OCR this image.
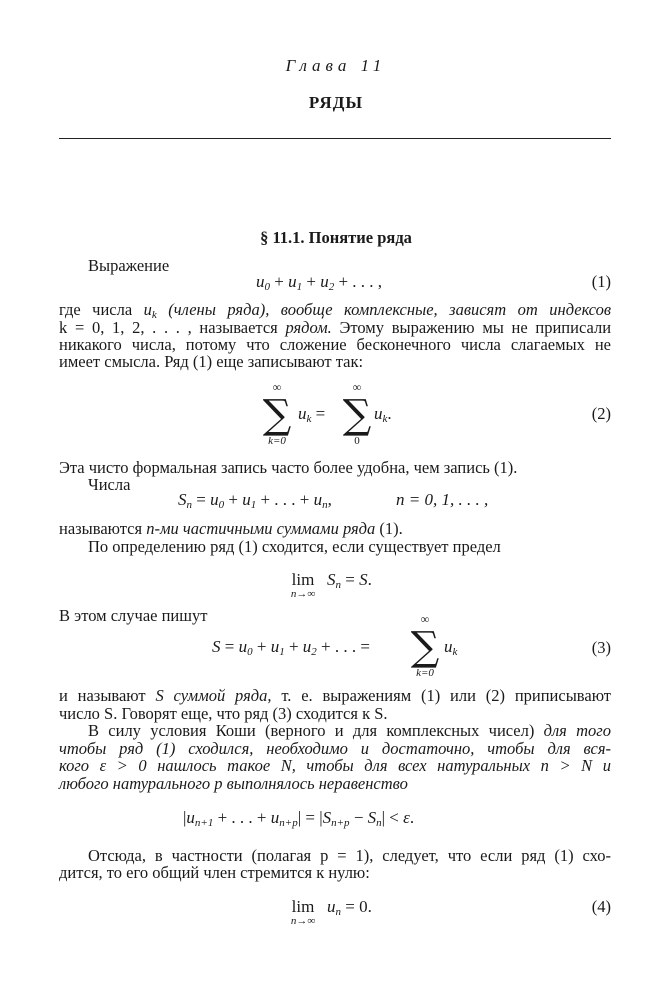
Глава 11
РЯДЫ
§ 11.1. Понятие ряда
Выражение
$u_0 + u_1 + u_2$ + . . . ,	(1)
где числа $u_k$ (члены ряда), вообще комплексные, зависят от индексов
k = 0, 1, 2, . . . , называется рядом. Этому выражению мы не приписали
никакого числа, потому что сложение бесконечного числа слагаемых не
имеет смысла. Ряд (1) еще записывают так:
∞
∑
k=0
$u_k$ =
∞
∑
0
$u_k$.	(2)
Эта чисто формальная запись часто более удобна, чем запись (1).
Числа
$S_n = u_0 + u_1$ + . . . + $u_n$,	n = 0, 1, . . . ,
называются n-ми частичными суммами ряда (1).
По определению ряд (1) сходится, если существует предел
lim
n→∞
$S_n = S$.
В этом случае пишут
$S = u_0 + u_1 + u_2$ + . . . =
∞
∑
k=0
$u_k$	(3)
и называют S суммой ряда, т. е. выражениям (1) или (2) приписывают
число S. Говорят еще, что ряд (3) сходится к S.
В силу условия Коши (верного и для комплексных чисел) для того
чтобы ряд (1) сходился, необходимо и достаточно, чтобы для вся-
кого ε > 0 нашлось такое N, чтобы для всех натуральных n > N и
любого натурального p выполнялось неравенство
$|u_{n+1}$ + . . . + $u_{n+p}| = |S_{n+p} - S_n| < \varepsilon$.
Отсюда, в частности (полагая p = 1), следует, что если ряд (1) схо-
дится, то его общий член стремится к нулю:
lim
n→∞
$u_n = 0$.	(4)
